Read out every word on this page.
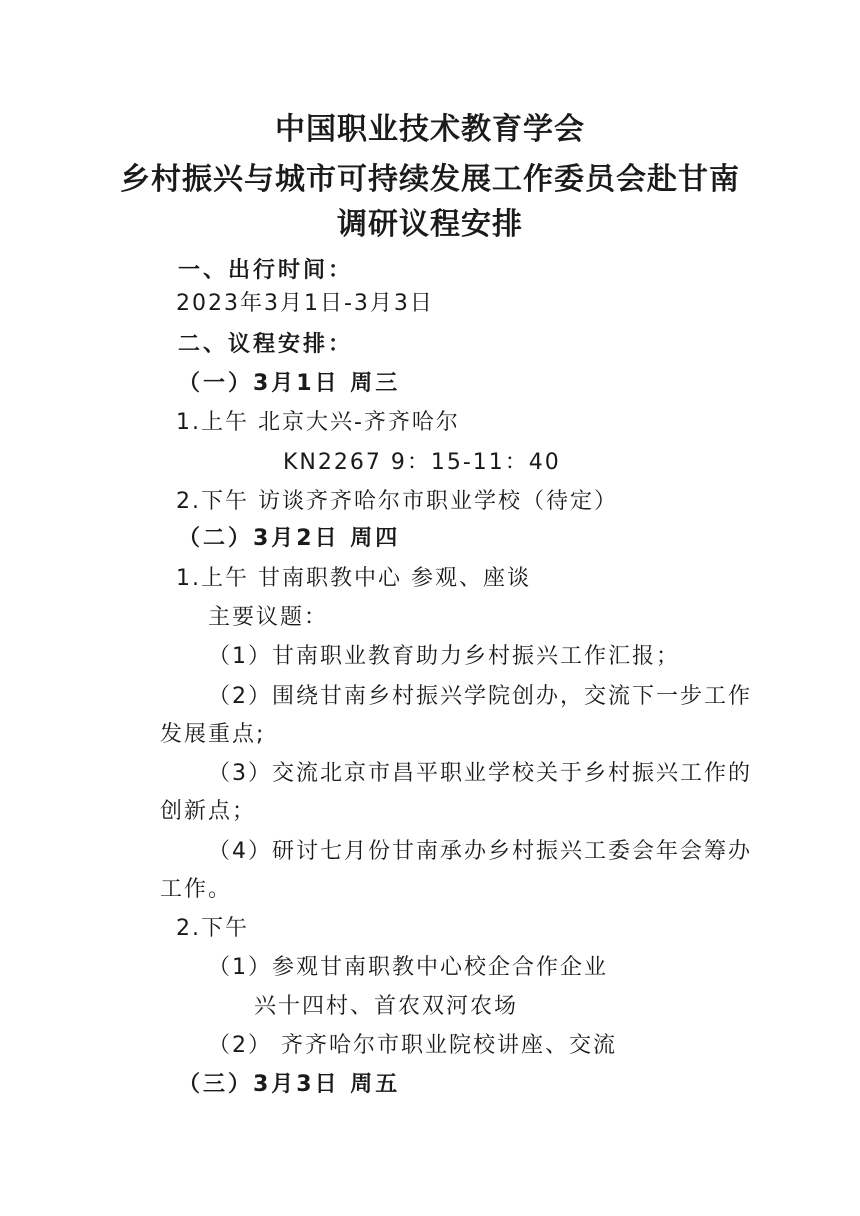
中国职业技术教育学会
乡村振兴与城市可持续发展工作委员会赴甘南
调研议程安排
一、出行时间：
2023年3月1日-3月3日
二、议程安排：
（一）3月1日 周三
1.上午 北京大兴-齐齐哈尔
KN2267 9：15-11：40
2.下午 访谈齐齐哈尔市职业学校（待定）
（二）3月2日 周四
1.上午 甘南职教中心 参观、座谈
主要议题：
（1）甘南职业教育助力乡村振兴工作汇报；
（2）围绕甘南乡村振兴学院创办，交流下一步工作
发展重点;
（3）交流北京市昌平职业学校关于乡村振兴工作的
创新点；
（4）研讨七月份甘南承办乡村振兴工委会年会筹办
工作。
2.下午
（1）参观甘南职教中心校企合作企业
兴十四村、首农双河农场
（2） 齐齐哈尔市职业院校讲座、交流
（三）3月3日 周五
